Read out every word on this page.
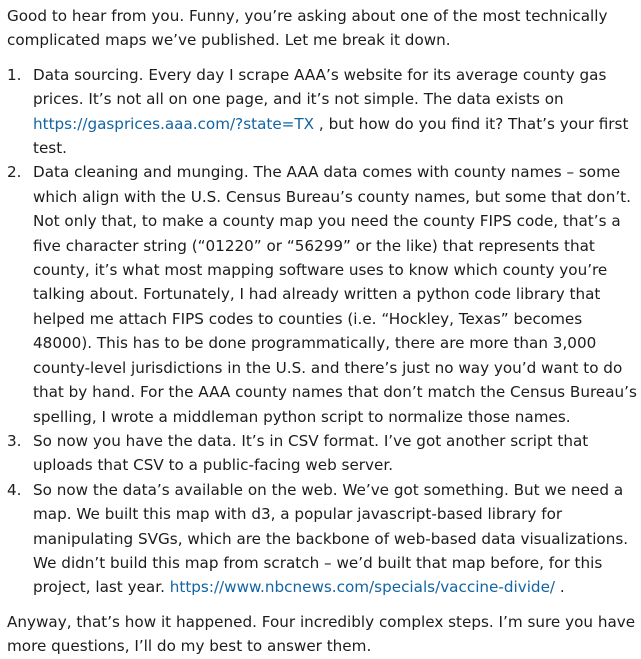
Good to hear from you. Funny, you’re asking about one of the most technically complicated maps we’ve published. Let me break it down.

1. Data sourcing. Every day I scrape AAA’s website for its average county gas prices. It’s not all on one page, and it’s not simple. The data exists on https://gasprices.aaa.com/?state=TX , but how do you find it? That’s your first test.
2. Data cleaning and munging. The AAA data comes with county names – some which align with the U.S. Census Bureau’s county names, but some that don’t. Not only that, to make a county map you need the county FIPS code, that’s a five character string (“01220” or “56299” or the like) that represents that county, it’s what most mapping software uses to know which county you’re talking about. Fortunately, I had already written a python code library that helped me attach FIPS codes to counties (i.e. “Hockley, Texas” becomes 48000). This has to be done programmatically, there are more than 3,000 county-level jurisdictions in the U.S. and there’s just no way you’d want to do that by hand. For the AAA county names that don’t match the Census Bureau’s spelling, I wrote a middleman python script to normalize those names.
3. So now you have the data. It’s in CSV format. I’ve got another script that uploads that CSV to a public-facing web server.
4. So now the data’s available on the web. We’ve got something. But we need a map. We built this map with d3, a popular javascript-based library for manipulating SVGs, which are the backbone of web-based data visualizations. We didn’t build this map from scratch – we’d built that map before, for this project, last year. https://www.nbcnews.com/specials/vaccine-divide/ .

Anyway, that’s how it happened. Four incredibly complex steps. I’m sure you have more questions, I’ll do my best to answer them.
